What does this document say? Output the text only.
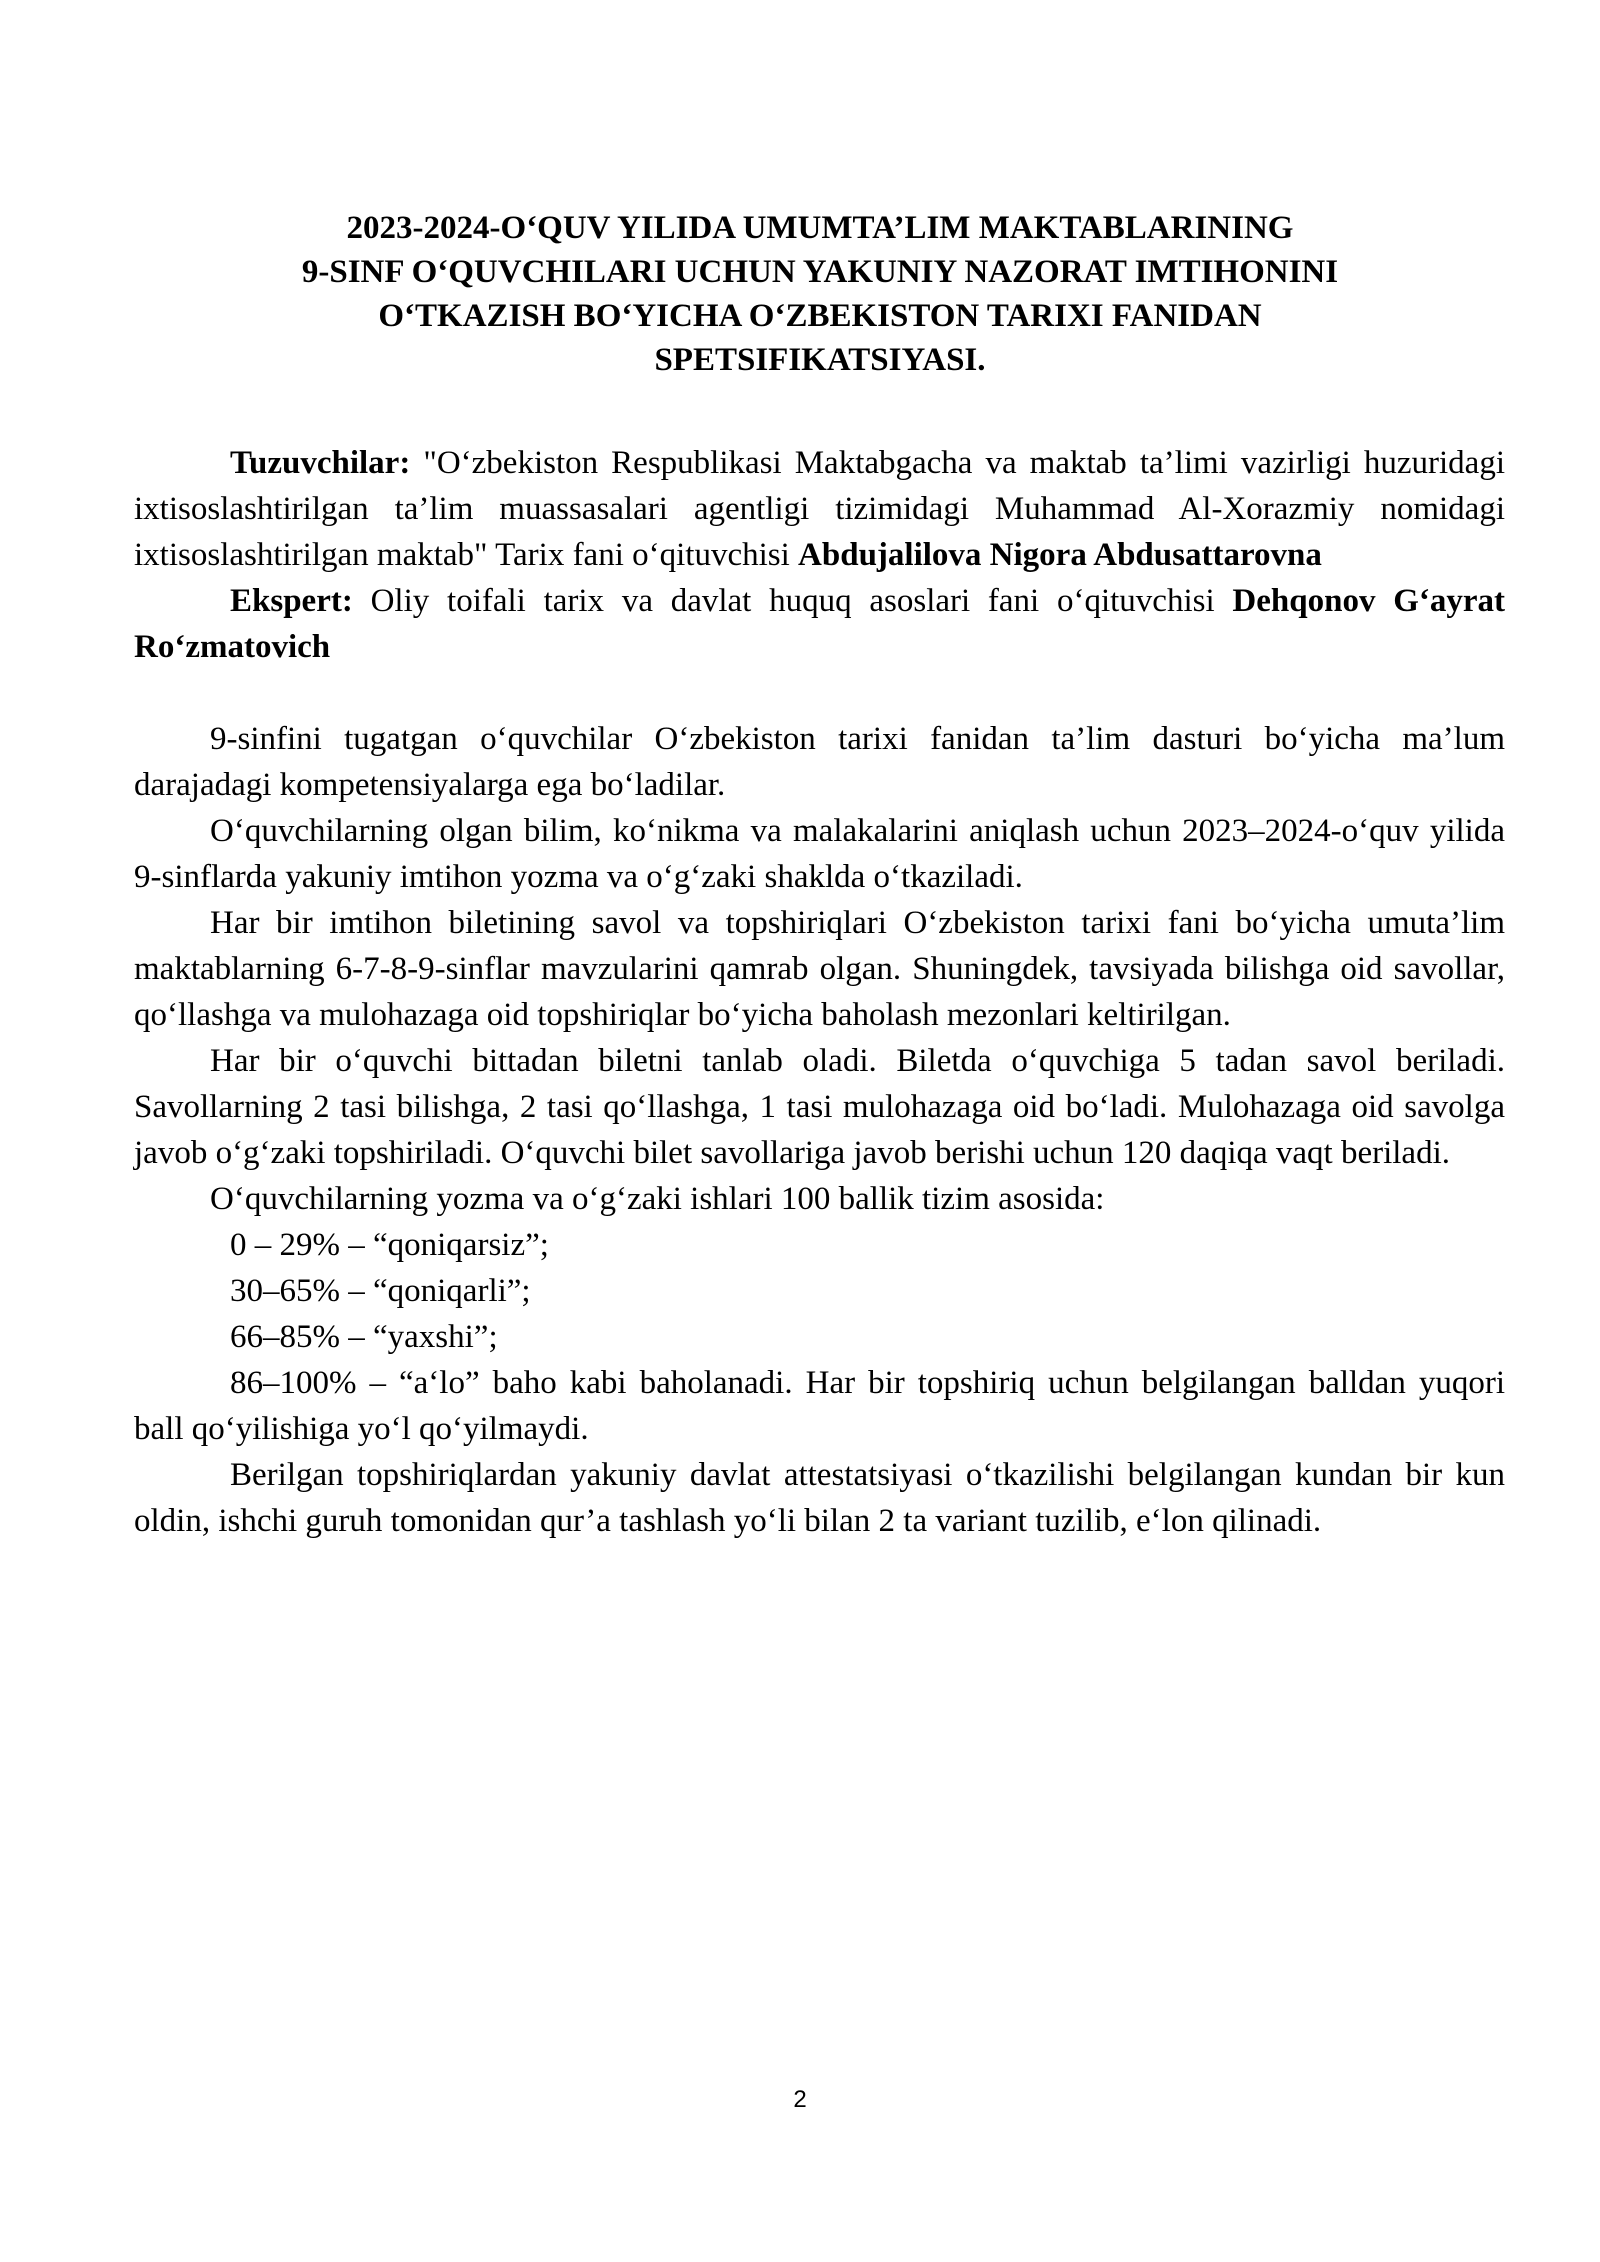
2023-2024-O‘QUV YILIDA UMUMTA’LIM MAKTABLARINING
9-SINF O‘QUVCHILARI UCHUN YAKUNIY NAZORAT IMTIHONINI
O‘TKAZISH BO‘YICHA O‘ZBEKISTON TARIXI FANIDAN
SPETSIFIKATSIYASI.

Tuzuvchilar: "O‘zbekiston Respublikasi Maktabgacha va maktab ta’limi vazirligi huzuridagi ixtisoslashtirilgan ta’lim muassasalari agentligi tizimidagi Muhammad Al-Xorazmiy nomidagi ixtisoslashtirilgan maktab" Tarix fani o‘qituvchisi Abdujalilova Nigora Abdusattarovna

Ekspert: Oliy toifali tarix va davlat huquq asoslari fani o‘qituvchisi Dehqonov G‘ayrat Ro‘zmatovich

9-sinfini tugatgan o‘quvchilar O‘zbekiston tarixi fanidan ta’lim dasturi bo‘yicha ma’lum darajadagi kompetensiyalarga ega bo‘ladilar.

O‘quvchilarning olgan bilim, ko‘nikma va malakalarini aniqlash uchun 2023–2024-o‘quv yilida 9-sinflarda yakuniy imtihon yozma va o‘g‘zaki shaklda o‘tkaziladi.

Har bir imtihon biletining savol va topshiriqlari O‘zbekiston tarixi fani bo‘yicha umuta’lim maktablarning 6-7-8-9-sinflar mavzularini qamrab olgan. Shuningdek, tavsiyada bilishga oid savollar, qo‘llashga va mulohazaga oid topshiriqlar bo‘yicha baholash mezonlari keltirilgan.

Har bir o‘quvchi bittadan biletni tanlab oladi. Biletda o‘quvchiga 5 tadan savol beriladi. Savollarning 2 tasi bilishga, 2 tasi qo‘llashga, 1 tasi mulohazaga oid bo‘ladi. Mulohazaga oid savolga javob o‘g‘zaki topshiriladi. O‘quvchi bilet savollariga javob berishi uchun 120 daqiqa vaqt beriladi.

O‘quvchilarning yozma va o‘g‘zaki ishlari 100 ballik tizim asosida:

0 – 29% – “qoniqarsiz”;

30–65% – “qoniqarli”;

66–85% – “yaxshi”;

86–100% – “a‘lo” baho kabi baholanadi. Har bir topshiriq uchun belgilangan balldan yuqori ball qo‘yilishiga yo‘l qo‘yilmaydi.

Berilgan topshiriqlardan yakuniy davlat attestatsiyasi o‘tkazilishi belgilangan kundan bir kun oldin, ishchi guruh tomonidan qur’a tashlash yo‘li bilan 2 ta variant tuzilib, e‘lon qilinadi.

2
